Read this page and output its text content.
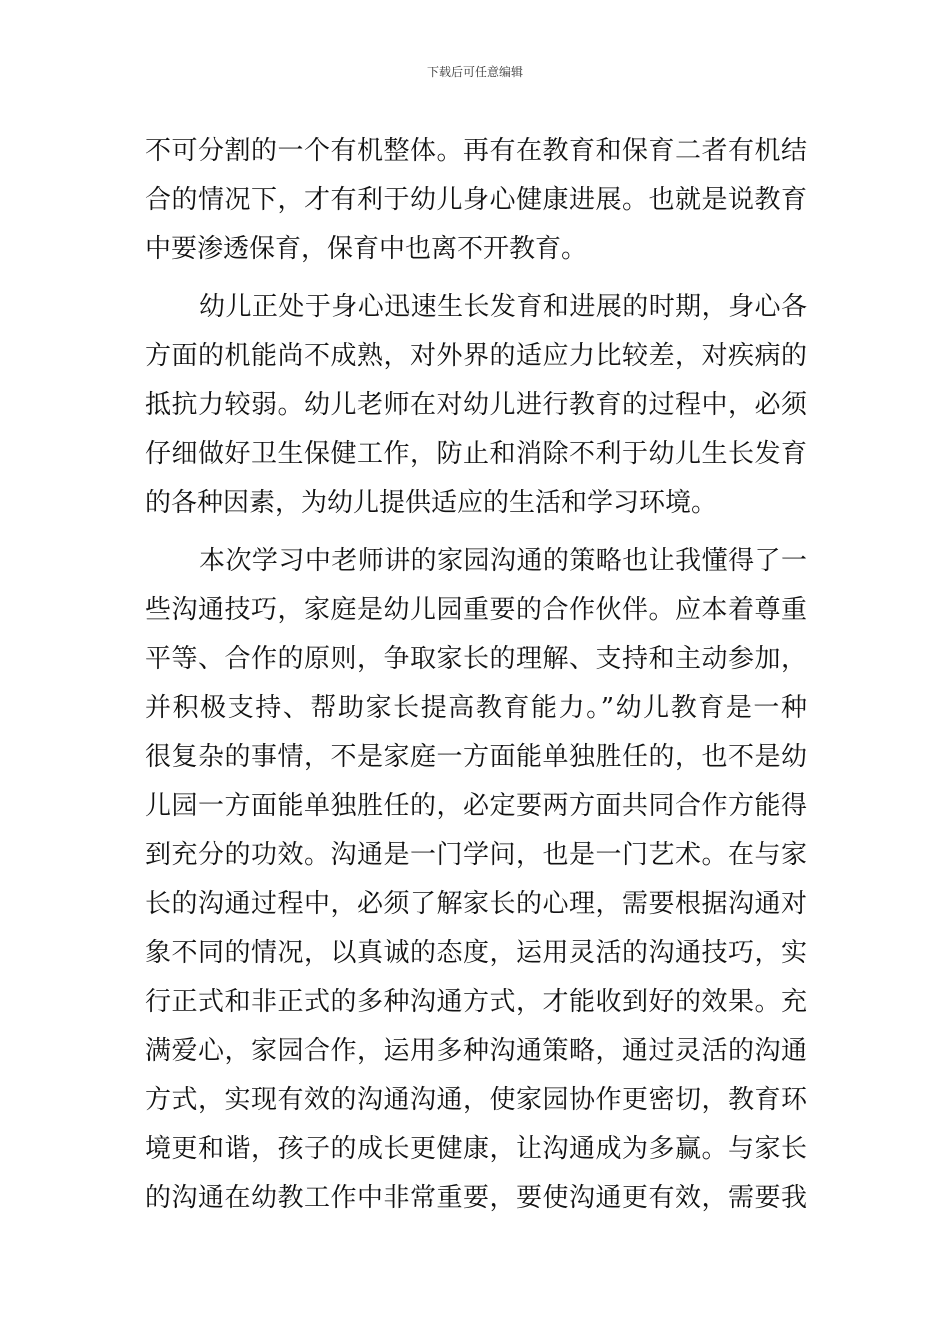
下载后可任意编辑
不可分割的一个有机整体。再有在教育和保育二者有机结
合的情况下，才有利于幼儿身心健康进展。也就是说教育
中要渗透保育，保育中也离不开教育。
幼儿正处于身心迅速生长发育和进展的时期，身心各
方面的机能尚不成熟，对外界的适应力比较差，对疾病的
抵抗力较弱。幼儿老师在对幼儿进行教育的过程中，必须
仔细做好卫生保健工作，防止和消除不利于幼儿生长发育
的各种因素，为幼儿提供适应的生活和学习环境。
本次学习中老师讲的家园沟通的策略也让我懂得了一
些沟通技巧，家庭是幼儿园重要的合作伙伴。应本着尊重
平等、合作的原则，争取家长的理解、支持和主动参加，
并积极支持、帮助家长提高教育能力。”幼儿教育是一种
很复杂的事情，不是家庭一方面能单独胜任的，也不是幼
儿园一方面能单独胜任的，必定要两方面共同合作方能得
到充分的功效。沟通是一门学问，也是一门艺术。在与家
长的沟通过程中，必须了解家长的心理，需要根据沟通对
象不同的情况，以真诚的态度，运用灵活的沟通技巧，实
行正式和非正式的多种沟通方式，才能收到好的效果。充
满爱心，家园合作，运用多种沟通策略，通过灵活的沟通
方式，实现有效的沟通沟通，使家园协作更密切，教育环
境更和谐，孩子的成长更健康，让沟通成为多赢。与家长
的沟通在幼教工作中非常重要，要使沟通更有效，需要我
